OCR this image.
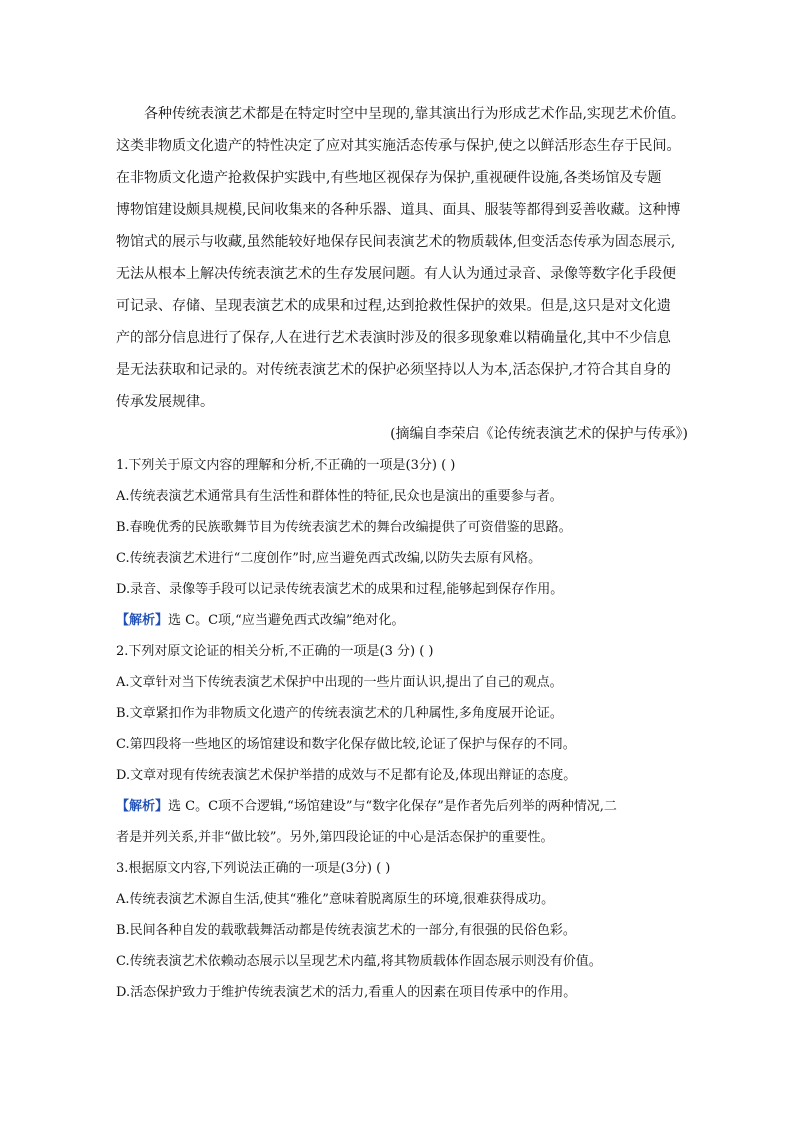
各种传统表演艺术都是在特定时空中呈现的,靠其演出行为形成艺术作品,实现艺术价值。
这类非物质文化遗产的特性决定了应对其实施活态传承与保护,使之以鲜活形态生存于民间。
在非物质文化遗产抢救保护实践中,有些地区视保存为保护,重视硬件设施,各类场馆及专题
博物馆建设颇具规模,民间收集来的各种乐器、道具、面具、服装等都得到妥善收藏。这种博
物馆式的展示与收藏,虽然能较好地保存民间表演艺术的物质载体,但变活态传承为固态展示,
无法从根本上解决传统表演艺术的生存发展问题。有人认为通过录音、录像等数字化手段便
可记录、存储、呈现表演艺术的成果和过程,达到抢救性保护的效果。但是,这只是对文化遗
产的部分信息进行了保存,人在进行艺术表演时涉及的很多现象难以精确量化,其中不少信息
是无法获取和记录的。对传统表演艺术的保护必须坚持以人为本,活态保护,才符合其自身的
传承发展规律。
(摘编自李荣启《论传统表演艺术的保护与传承》)
1.下列关于原文内容的理解和分析,不正确的一项是(3分) ( )
A.传统表演艺术通常具有生活性和群体性的特征,民众也是演出的重要参与者。
B.春晚优秀的民族歌舞节目为传统表演艺术的舞台改编提供了可资借鉴的思路。
C.传统表演艺术进行“二度创作”时,应当避免西式改编,以防失去原有风格。
D.录音、录像等手段可以记录传统表演艺术的成果和过程,能够起到保存作用。
【解析】选 C。C项,“应当避免西式改编”绝对化。
2.下列对原文论证的相关分析,不正确的一项是(3 分) ( )
A.文章针对当下传统表演艺术保护中出现的一些片面认识,提出了自己的观点。
B.文章紧扣作为非物质文化遗产的传统表演艺术的几种属性,多角度展开论证。
C.第四段将一些地区的场馆建设和数字化保存做比较,论证了保护与保存的不同。
D.文章对现有传统表演艺术保护举措的成效与不足都有论及,体现出辩证的态度。
【解析】选 C。C项不合逻辑,“场馆建设”与“数字化保存”是作者先后列举的两种情况,二
者是并列关系,并非“做比较”。另外,第四段论证的中心是活态保护的重要性。
3.根据原文内容,下列说法正确的一项是(3分) ( )
A.传统表演艺术源自生活,使其“雅化”意味着脱离原生的环境,很难获得成功。
B.民间各种自发的载歌载舞活动都是传统表演艺术的一部分,有很强的民俗色彩。
C.传统表演艺术依赖动态展示以呈现艺术内蕴,将其物质载体作固态展示则没有价值。
D.活态保护致力于维护传统表演艺术的活力,看重人的因素在项目传承中的作用。
